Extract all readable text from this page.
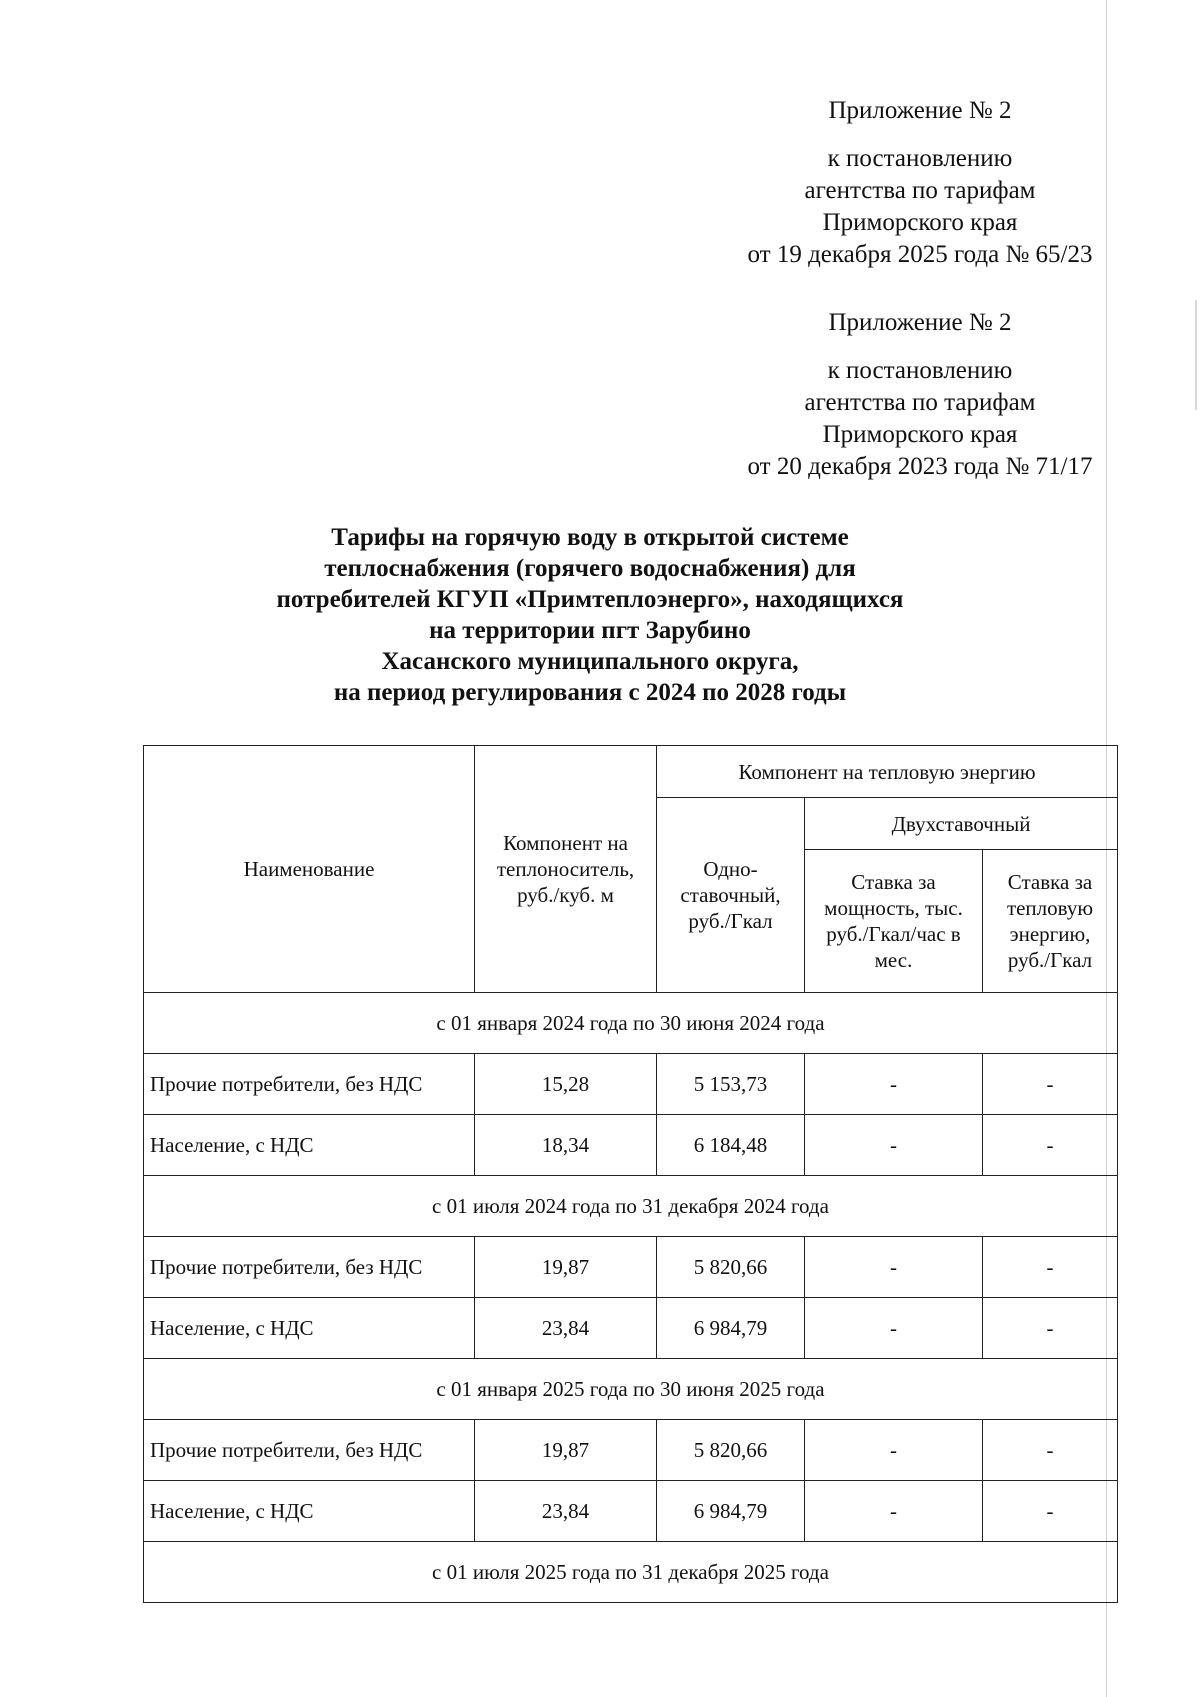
Приложение № 2
к постановлению
агентства по тарифам
Приморского края
от 19 декабря 2025 года № 65/23
Приложение № 2
к постановлению
агентства по тарифам
Приморского края
от 20 декабря 2023 года № 71/17
Тарифы на горячую воду в открытой системе
теплоснабжения (горячего водоснабжения) для
потребителей КГУП «Примтеплоэнерго», находящихся
на территории пгт Зарубино
Хасанского муниципального округа,
на период регулирования с 2024 по 2028 годы
Наименование	Компонент на теплоноситель, руб./куб. м	Компонент на тепловую энергию		
		Одно-ставочный, руб./Гкал	Двухставочный	
			Ставка за мощность, тыс. руб./Гкал/час в мес.	Ставка за тепловую энергию, руб./Гкал
с 01 января 2024 года по 30 июня 2024 года				
Прочие потребители, без НДС	15,28	5 153,73	-	-
Население, с НДС	18,34	6 184,48	-	-
с 01 июля 2024 года по 31 декабря 2024 года				
Прочие потребители, без НДС	19,87	5 820,66	-	-
Население, с НДС	23,84	6 984,79	-	-
с 01 января 2025 года по 30 июня 2025 года				
Прочие потребители, без НДС	19,87	5 820,66	-	-
Население, с НДС	23,84	6 984,79	-	-
с 01 июля 2025 года по 31 декабря 2025 года				
